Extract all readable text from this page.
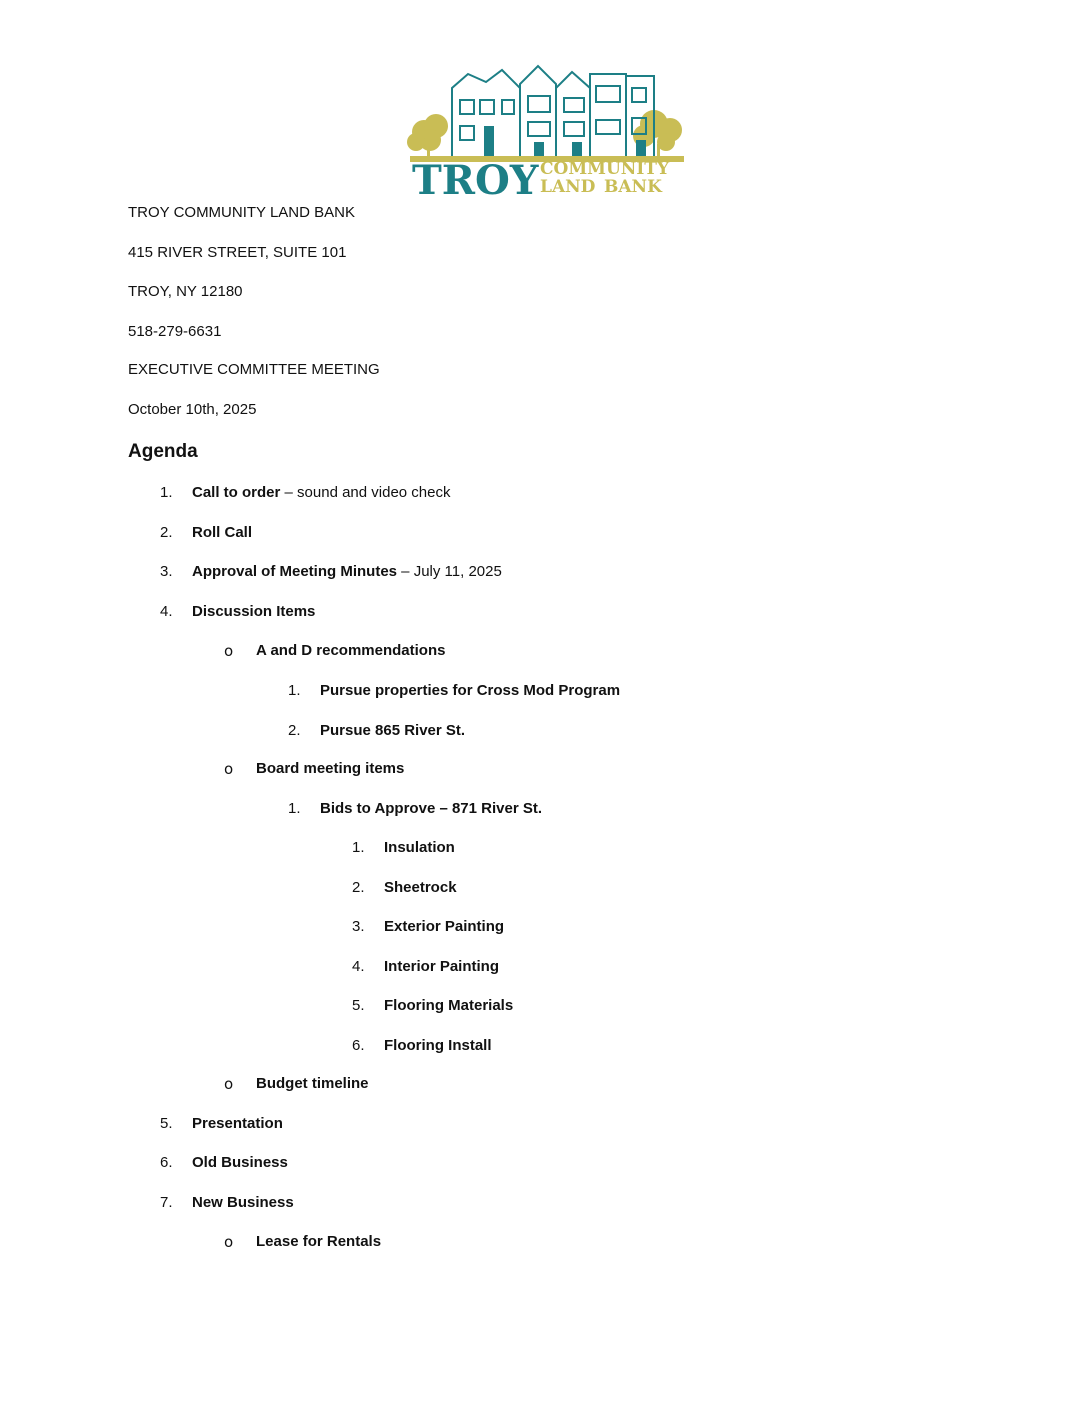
TROY COMMUNITY
LAND BANK
TROY COMMUNITY LAND BANK
415 RIVER STREET, SUITE 101
TROY, NY 12180
518-279-6631
EXECUTIVE COMMITTEE MEETING
October 10th, 2025
Agenda
1. Call to order – sound and video check
2. Roll Call
3. Approval of Meeting Minutes – July 11, 2025
4. Discussion Items
o A and D recommendations
1. Pursue properties for Cross Mod Program
2. Pursue 865 River St.
o Board meeting items
1. Bids to Approve – 871 River St.
1. Insulation
2. Sheetrock
3. Exterior Painting
4. Interior Painting
5. Flooring Materials
6. Flooring Install
o Budget timeline
5. Presentation
6. Old Business
7. New Business
o Lease for Rentals
